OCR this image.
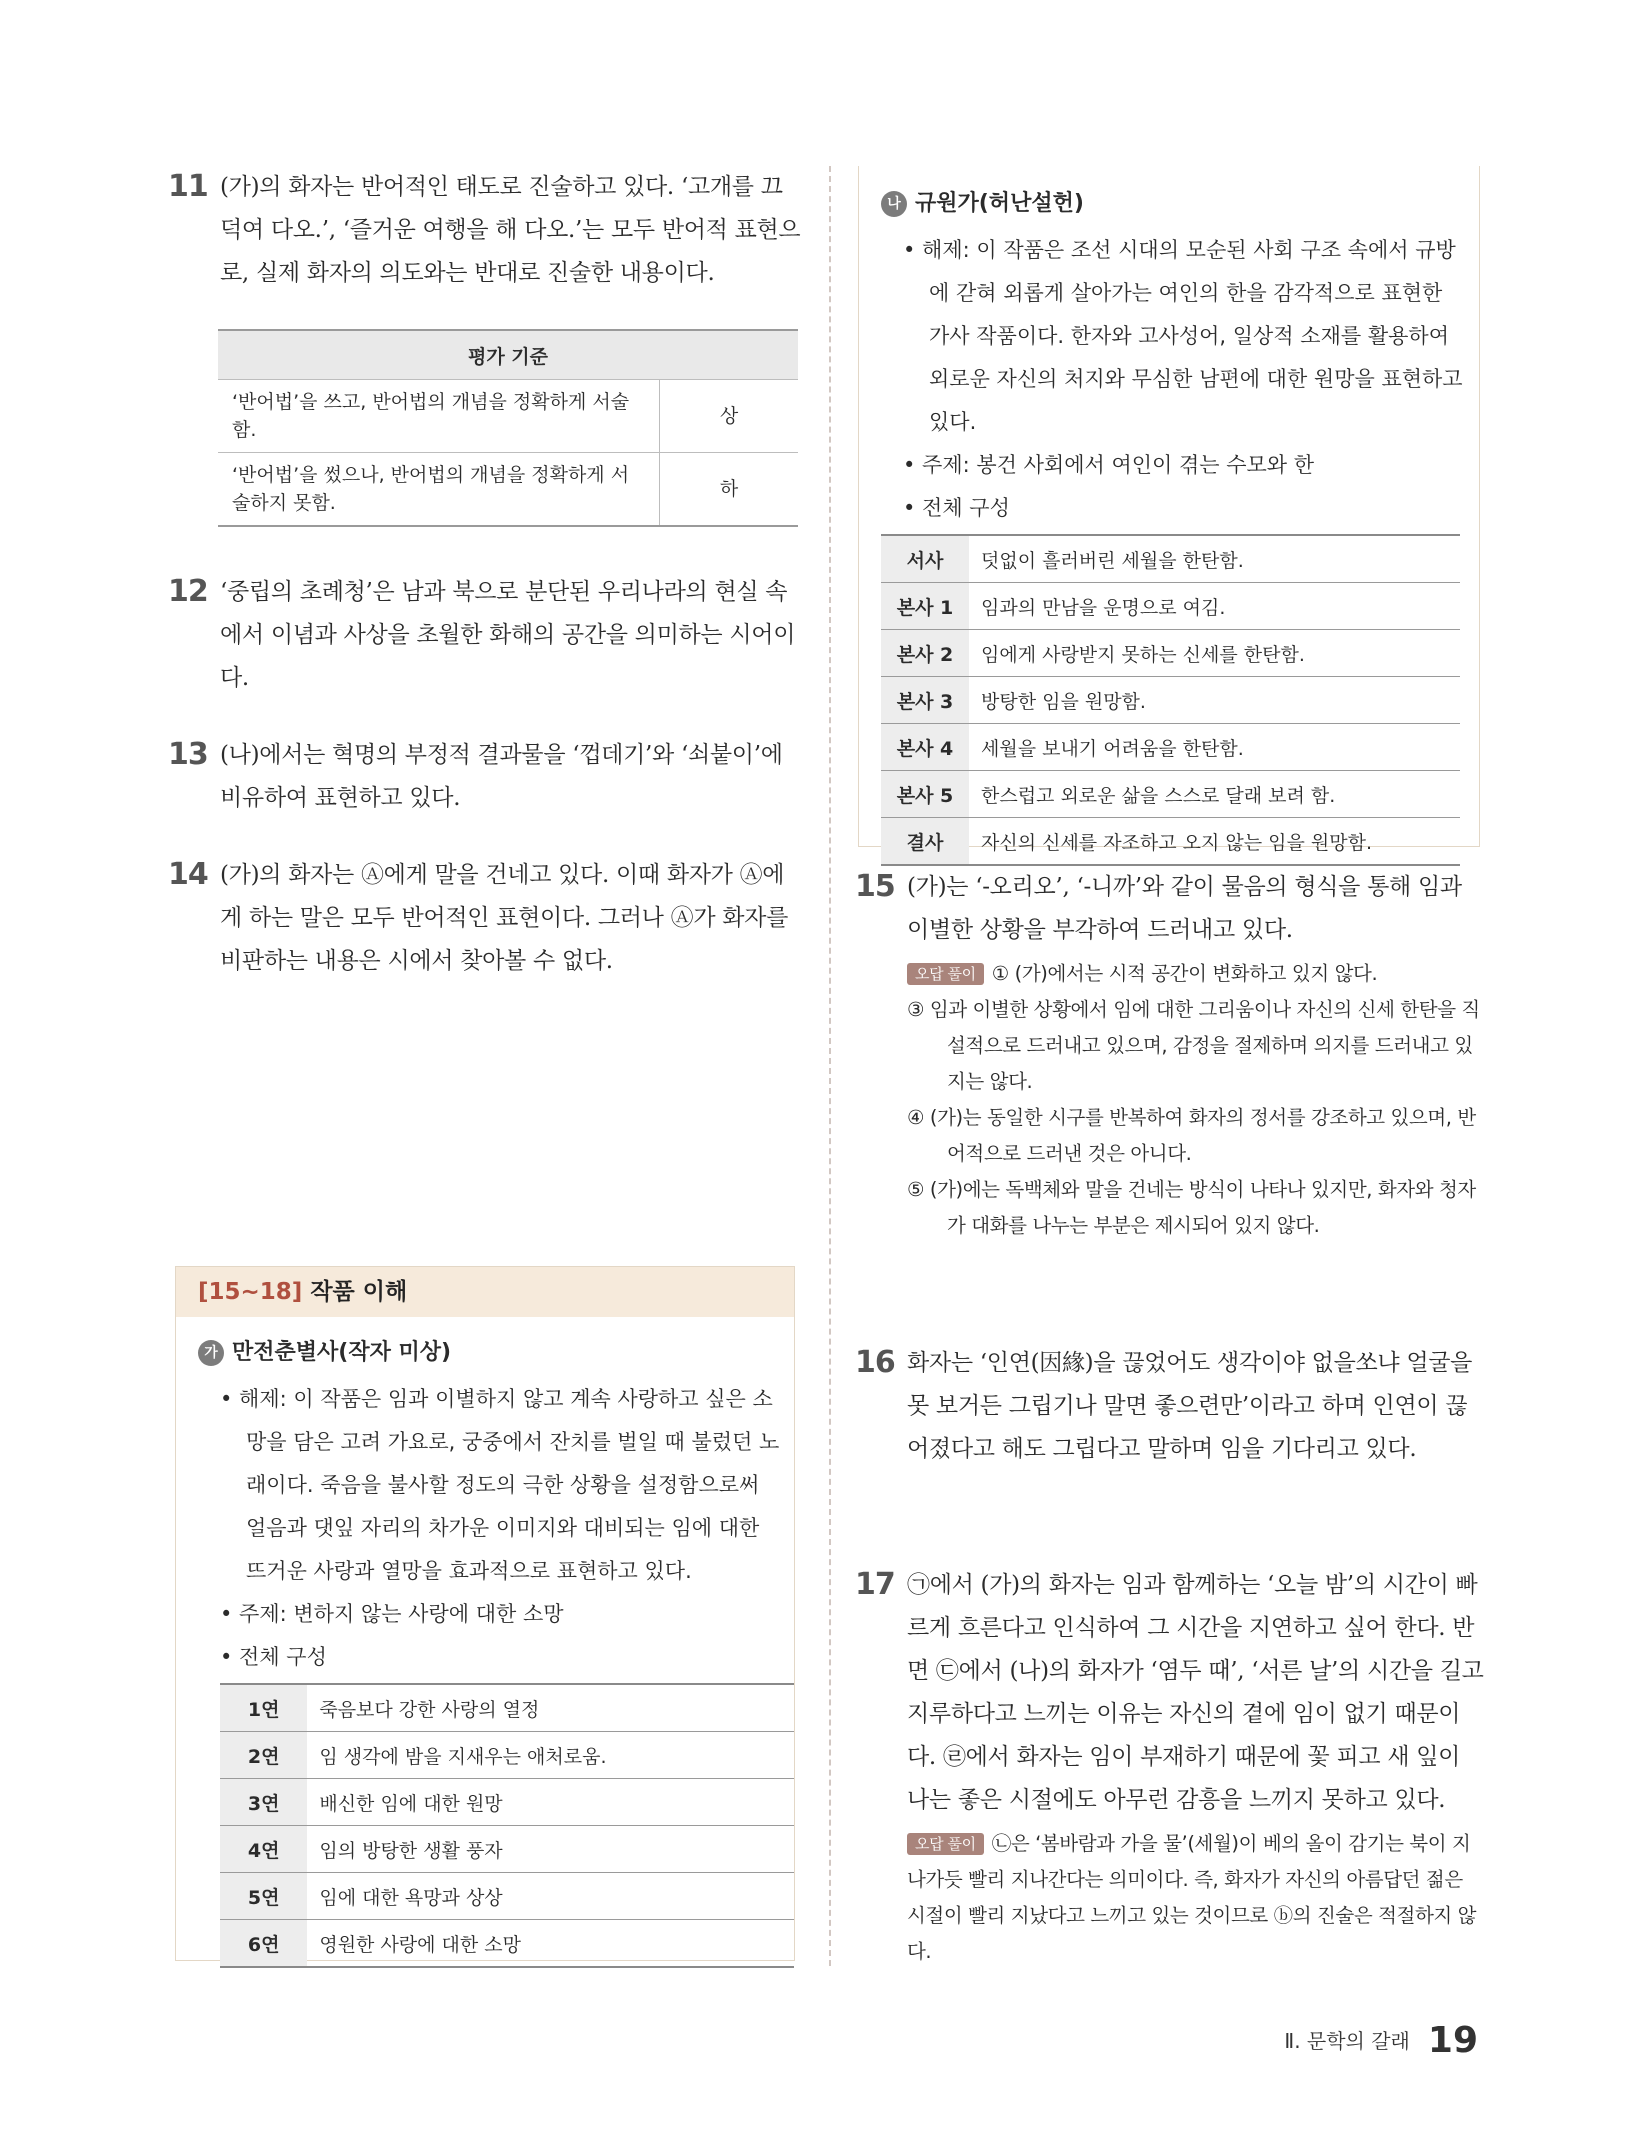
11 (가)의 화자는 반어적인 태도로 진술하고 있다. ‘고개를 끄덕여 다오.’, ‘즐거운 여행을 해 다오.’는 모두 반어적 표현으로, 실제 화자의 의도와는 반대로 진술한 내용이다.
평가 기준	
‘반어법’을 쓰고, 반어법의 개념을 정확하게 서술함.	상
‘반어법’을 썼으나, 반어법의 개념을 정확하게 서술하지 못함.	하
12 ‘중립의 초례청’은 남과 북으로 분단된 우리나라의 현실 속에서 이념과 사상을 초월한 화해의 공간을 의미하는 시어이다.
13 (나)에서는 혁명의 부정적 결과물을 ‘껍데기’와 ‘쇠붙이’에 비유하여 표현하고 있다.
14 (가)의 화자는 Ⓐ에게 말을 건네고 있다. 이때 화자가 Ⓐ에게 하는 말은 모두 반어적인 표현이다. 그러나 Ⓐ가 화자를 비판하는 내용은 시에서 찾아볼 수 없다.
[15~18] 작품 이해
가 만전춘별사(작자 미상)
• 해제: 이 작품은 임과 이별하지 않고 계속 사랑하고 싶은 소망을 담은 고려 가요로, 궁중에서 잔치를 벌일 때 불렀던 노래이다. 죽음을 불사할 정도의 극한 상황을 설정함으로써 얼음과 댓잎 자리의 차가운 이미지와 대비되는 임에 대한 뜨거운 사랑과 열망을 효과적으로 표현하고 있다.
• 주제: 변하지 않는 사랑에 대한 소망
• 전체 구성
1연	죽음보다 강한 사랑의 열정
2연	임 생각에 밤을 지새우는 애처로움.
3연	배신한 임에 대한 원망
4연	임의 방탕한 생활 풍자
5연	임에 대한 욕망과 상상
6연	영원한 사랑에 대한 소망
나 규원가(허난설헌)
• 해제: 이 작품은 조선 시대의 모순된 사회 구조 속에서 규방에 갇혀 외롭게 살아가는 여인의 한을 감각적으로 표현한 가사 작품이다. 한자와 고사성어, 일상적 소재를 활용하여 외로운 자신의 처지와 무심한 남편에 대한 원망을 표현하고 있다.
• 주제: 봉건 사회에서 여인이 겪는 수모와 한
• 전체 구성
서사	덧없이 흘러버린 세월을 한탄함.
본사 1	임과의 만남을 운명으로 여김.
본사 2	임에게 사랑받지 못하는 신세를 한탄함.
본사 3	방탕한 임을 원망함.
본사 4	세월을 보내기 어려움을 한탄함.
본사 5	한스럽고 외로운 삶을 스스로 달래 보려 함.
결사	자신의 신세를 자조하고 오지 않는 임을 원망함.
15 (가)는 ‘-오리오’, ‘-니까’와 같이 물음의 형식을 통해 임과 이별한 상황을 부각하여 드러내고 있다.
오답 풀이 ① (가)에서는 시적 공간이 변화하고 있지 않다.
③ 임과 이별한 상황에서 임에 대한 그리움이나 자신의 신세 한탄을 직설적으로 드러내고 있으며, 감정을 절제하며 의지를 드러내고 있지는 않다.
④ (가)는 동일한 시구를 반복하여 화자의 정서를 강조하고 있으며, 반어적으로 드러낸 것은 아니다.
⑤ (가)에는 독백체와 말을 건네는 방식이 나타나 있지만, 화자와 청자가 대화를 나누는 부분은 제시되어 있지 않다.
16 화자는 ‘인연(因緣)을 끊었어도 생각이야 없을쏘냐 얼굴을 못 보거든 그립기나 말면 좋으련만’이라고 하며 인연이 끊어졌다고 해도 그립다고 말하며 임을 기다리고 있다.
17 ㉠에서 (가)의 화자는 임과 함께하는 ‘오늘 밤’의 시간이 빠르게 흐른다고 인식하여 그 시간을 지연하고 싶어 한다. 반면 ㉢에서 (나)의 화자가 ‘염두 때’, ‘서른 날’의 시간을 길고 지루하다고 느끼는 이유는 자신의 곁에 임이 없기 때문이다. ㉣에서 화자는 임이 부재하기 때문에 꽃 피고 새 잎이 나는 좋은 시절에도 아무런 감흥을 느끼지 못하고 있다.
오답 풀이 ㉡은 ‘봄바람과 가을 물’(세월)이 베의 올이 감기는 북이 지나가듯 빨리 지나간다는 의미이다. 즉, 화자가 자신의 아름답던 젊은 시절이 빨리 지났다고 느끼고 있는 것이므로 ⓑ의 진술은 적절하지 않다.
Ⅱ. 문학의 갈래 19
